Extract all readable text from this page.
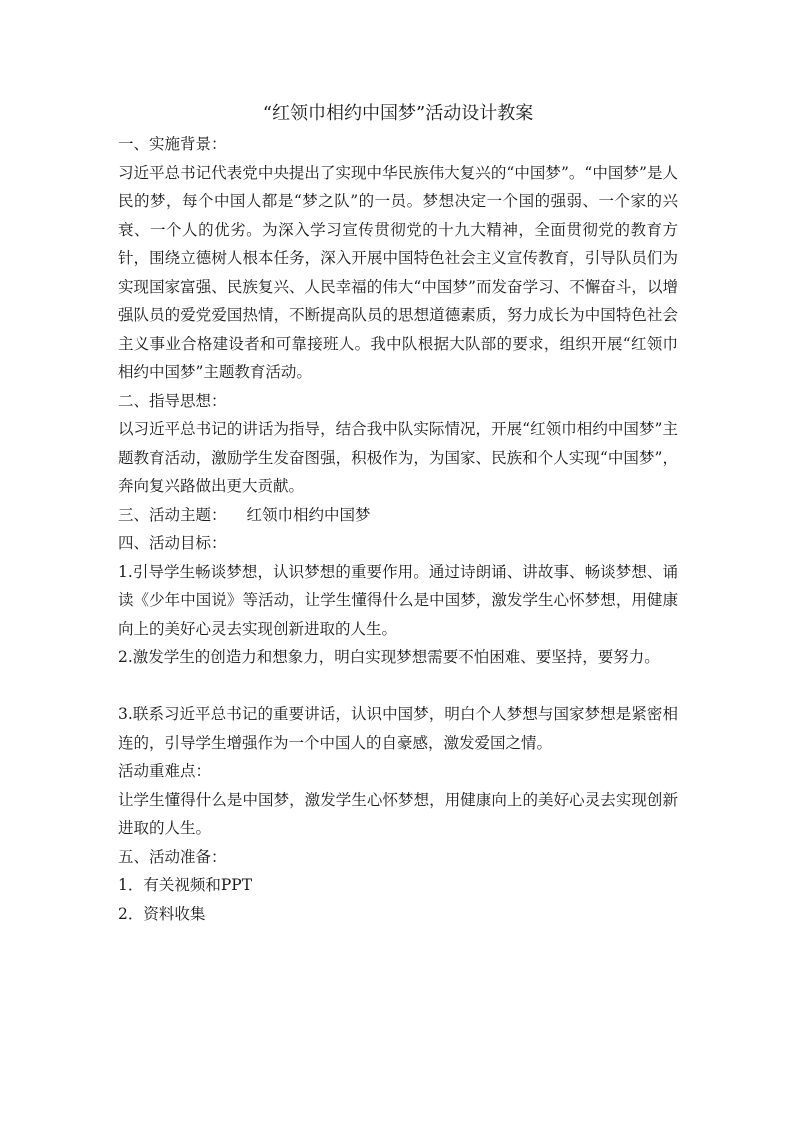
“红领巾相约中国梦”活动设计教案

一、实施背景：

习近平总书记代表党中央提出了实现中华民族伟大复兴的“中国梦”。“中国梦”是人民的梦，每个中国人都是“梦之队”的一员。梦想决定一个国的强弱、一个家的兴衰、一个人的优劣。为深入学习宣传贯彻党的十九大精神，全面贯彻党的教育方针，围绕立德树人根本任务，深入开展中国特色社会主义宣传教育，引导队员们为实现国家富强、民族复兴、人民幸福的伟大“中国梦”而发奋学习、不懈奋斗，以增强队员的爱党爱国热情，不断提高队员的思想道德素质，努力成长为中国特色社会主义事业合格建设者和可靠接班人。我中队根据大队部的要求，组织开展“红领巾相约中国梦”主题教育活动。

二、指导思想：

以习近平总书记的讲话为指导，结合我中队实际情况，开展“红领巾相约中国梦”主题教育活动，激励学生发奋图强，积极作为，为国家、民族和个人实现“中国梦”，奔向复兴路做出更大贡献。

三、活动主题： 红领巾相约中国梦

四、活动目标：

1.引导学生畅谈梦想，认识梦想的重要作用。通过诗朗诵、讲故事、畅谈梦想、诵读《少年中国说》等活动，让学生懂得什么是中国梦，激发学生心怀梦想，用健康向上的美好心灵去实现创新进取的人生。

2.激发学生的创造力和想象力，明白实现梦想需要不怕困难、要坚持，要努力。

3.联系习近平总书记的重要讲话，认识中国梦，明白个人梦想与国家梦想是紧密相连的，引导学生增强作为一个中国人的自豪感，激发爱国之情。

活动重难点：

让学生懂得什么是中国梦，激发学生心怀梦想，用健康向上的美好心灵去实现创新进取的人生。

五、活动准备：

1．有关视频和PPT

2．资料收集
